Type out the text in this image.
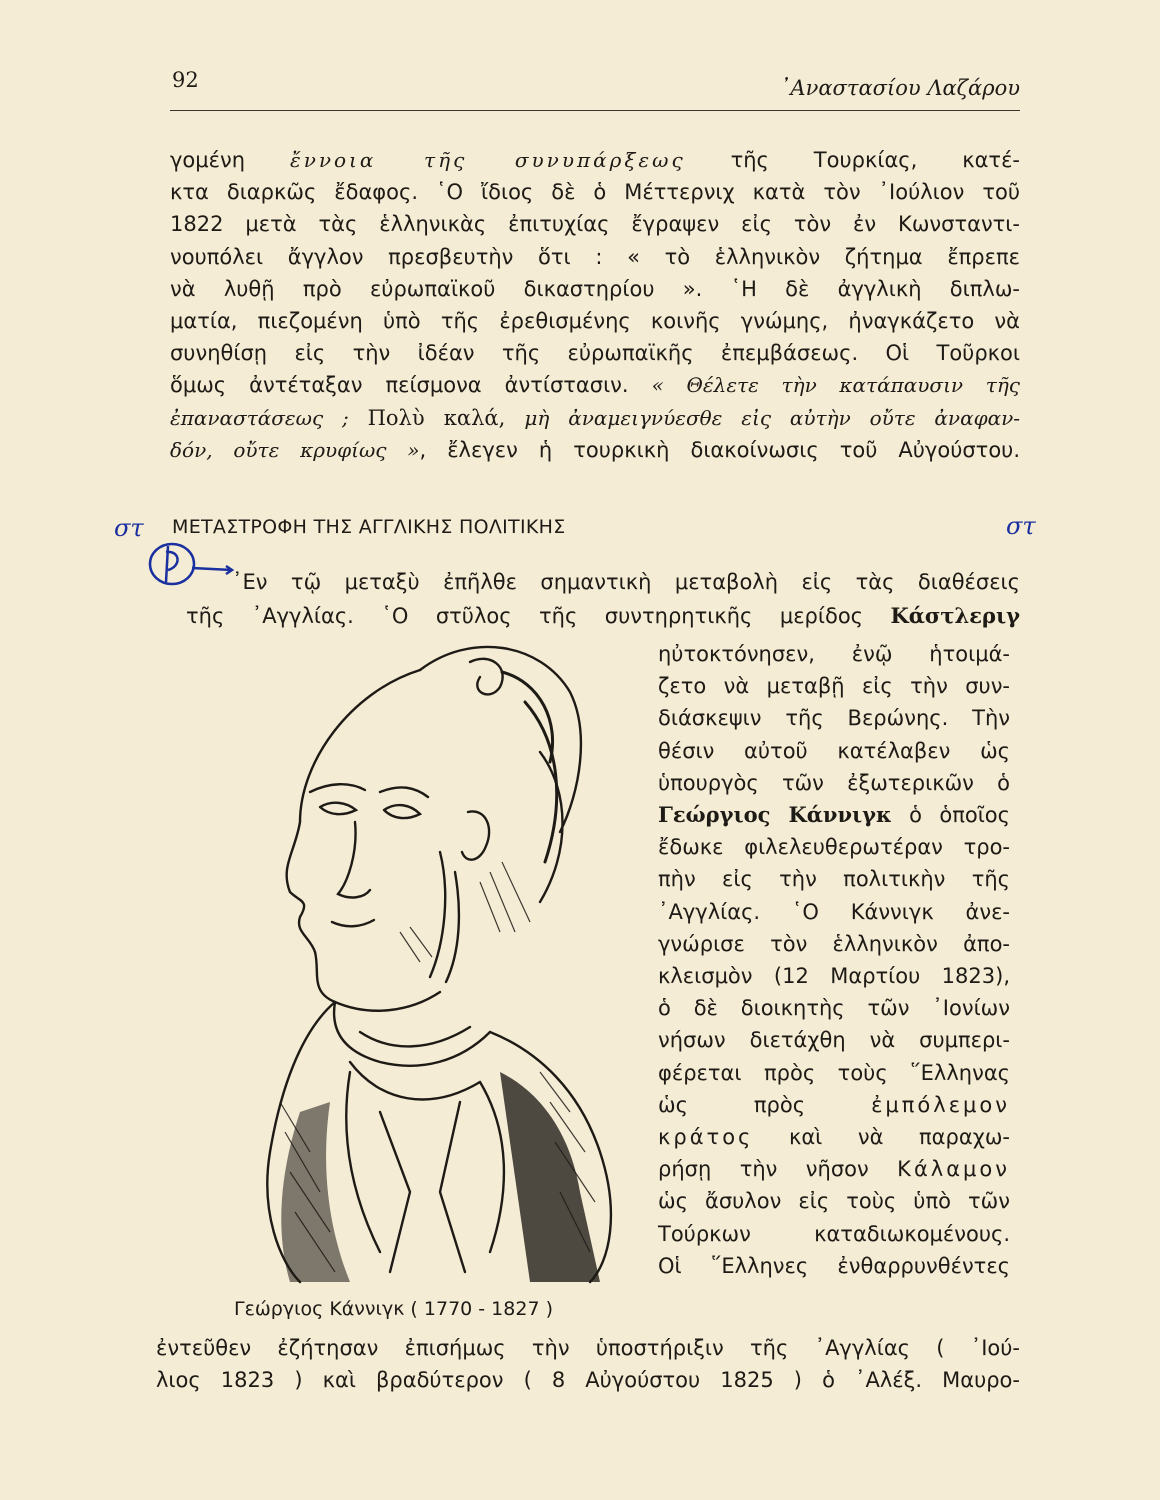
92	᾽Αναστασίου Λαζάρου
γομένη ἔννοια τῆς συνυπάρξεως τῆς Τουρκίας, κατέ-
κτα διαρκῶς ἔδαφος. ῾Ο ἴδιος δὲ ὁ Μέττερνιχ κατὰ τὸν ᾽Ιούλιον τοῦ
1822 μετὰ τὰς ἑλληνικὰς ἐπιτυχίας ἔγραψεν εἰς τὸν ἐν Κωνσταντι-
νουπόλει ἄγγλον πρεσβευτὴν ὅτι : « τὸ ἑλληνικὸν ζήτημα ἔπρεπε
νὰ λυθῇ πρὸ εὐρωπαϊκοῦ δικαστηρίου ». ῾Η δὲ ἀγγλικὴ διπλω-
ματία, πιεζομένη ὑπὸ τῆς ἐρεθισμένης κοινῆς γνώμης, ἠναγκάζετο νὰ
συνηθίσῃ εἰς τὴν ἰδέαν τῆς εὐρωπαϊκῆς ἐπεμβάσεως. Οἱ Τοῦρκοι
ὅμως ἀντέταξαν πείσμονα ἀντίστασιν. « Θέλετε τὴν κατάπαυσιν τῆς
ἐπαναστάσεως ; Πολὺ καλά, μὴ ἀναμειγνύεσθε εἰς αὐτὴν οὔτε ἀναφαν-
δόν, οὔτε κρυφίως », ἔλεγεν ἡ τουρκικὴ διακοίνωσις τοῦ Αὐγούστου.
ΜΕΤΑΣΤΡΟΦΗ ΤΗΣ ΑΓΓΛΙΚΗΣ ΠΟΛΙΤΙΚΗΣ
στ	στ
᾽Εν τῷ μεταξὺ ἐπῆλθε σημαντικὴ μεταβολὴ εἰς τὰς διαθέσεις
τῆς ᾽Αγγλίας. ῾Ο στῦλος τῆς συντηρητικῆς μερίδος Κάστλεριγ
Γεώργιος Κάννιγκ ( 1770 - 1827 )
ηὐτοκτόνησεν, ἐνῷ ἡτοιμά-
ζετο νὰ μεταβῇ εἰς τὴν συν-
διάσκεψιν τῆς Βερώνης. Τὴν
θέσιν αὐτοῦ κατέλαβεν ὡς
ὑπουργὸς τῶν ἐξωτερικῶν ὁ
Γεώργιος Κάννιγκ ὁ ὁποῖος
ἔδωκε φιλελευθερωτέραν τρο-
πὴν εἰς τὴν πολιτικὴν τῆς
᾽Αγγλίας. ῾Ο Κάννιγκ ἀνε-
γνώρισε τὸν ἑλληνικὸν ἀπο-
κλεισμὸν (12 Μαρτίου 1823),
ὁ δὲ διοικητὴς τῶν ᾽Ιονίων
νήσων διετάχθη νὰ συμπερι-
φέρεται πρὸς τοὺς ῞Ελληνας
ὡς πρὸς ἐμπόλεμον
κράτος καὶ νὰ παραχω-
ρήσῃ τὴν νῆσον Κάλαμον
ὡς ἄσυλον εἰς τοὺς ὑπὸ τῶν
Τούρκων καταδιωκομένους.
Οἱ ῞Ελληνες ἐνθαρρυνθέντες
ἐντεῦθεν ἐζήτησαν ἐπισήμως τὴν ὑποστήριξιν τῆς ᾽Αγγλίας ( ᾽Ιού-
λιος 1823 ) καὶ βραδύτερον ( 8 Αὐγούστου 1825 ) ὁ ᾽Αλέξ. Μαυρο-
